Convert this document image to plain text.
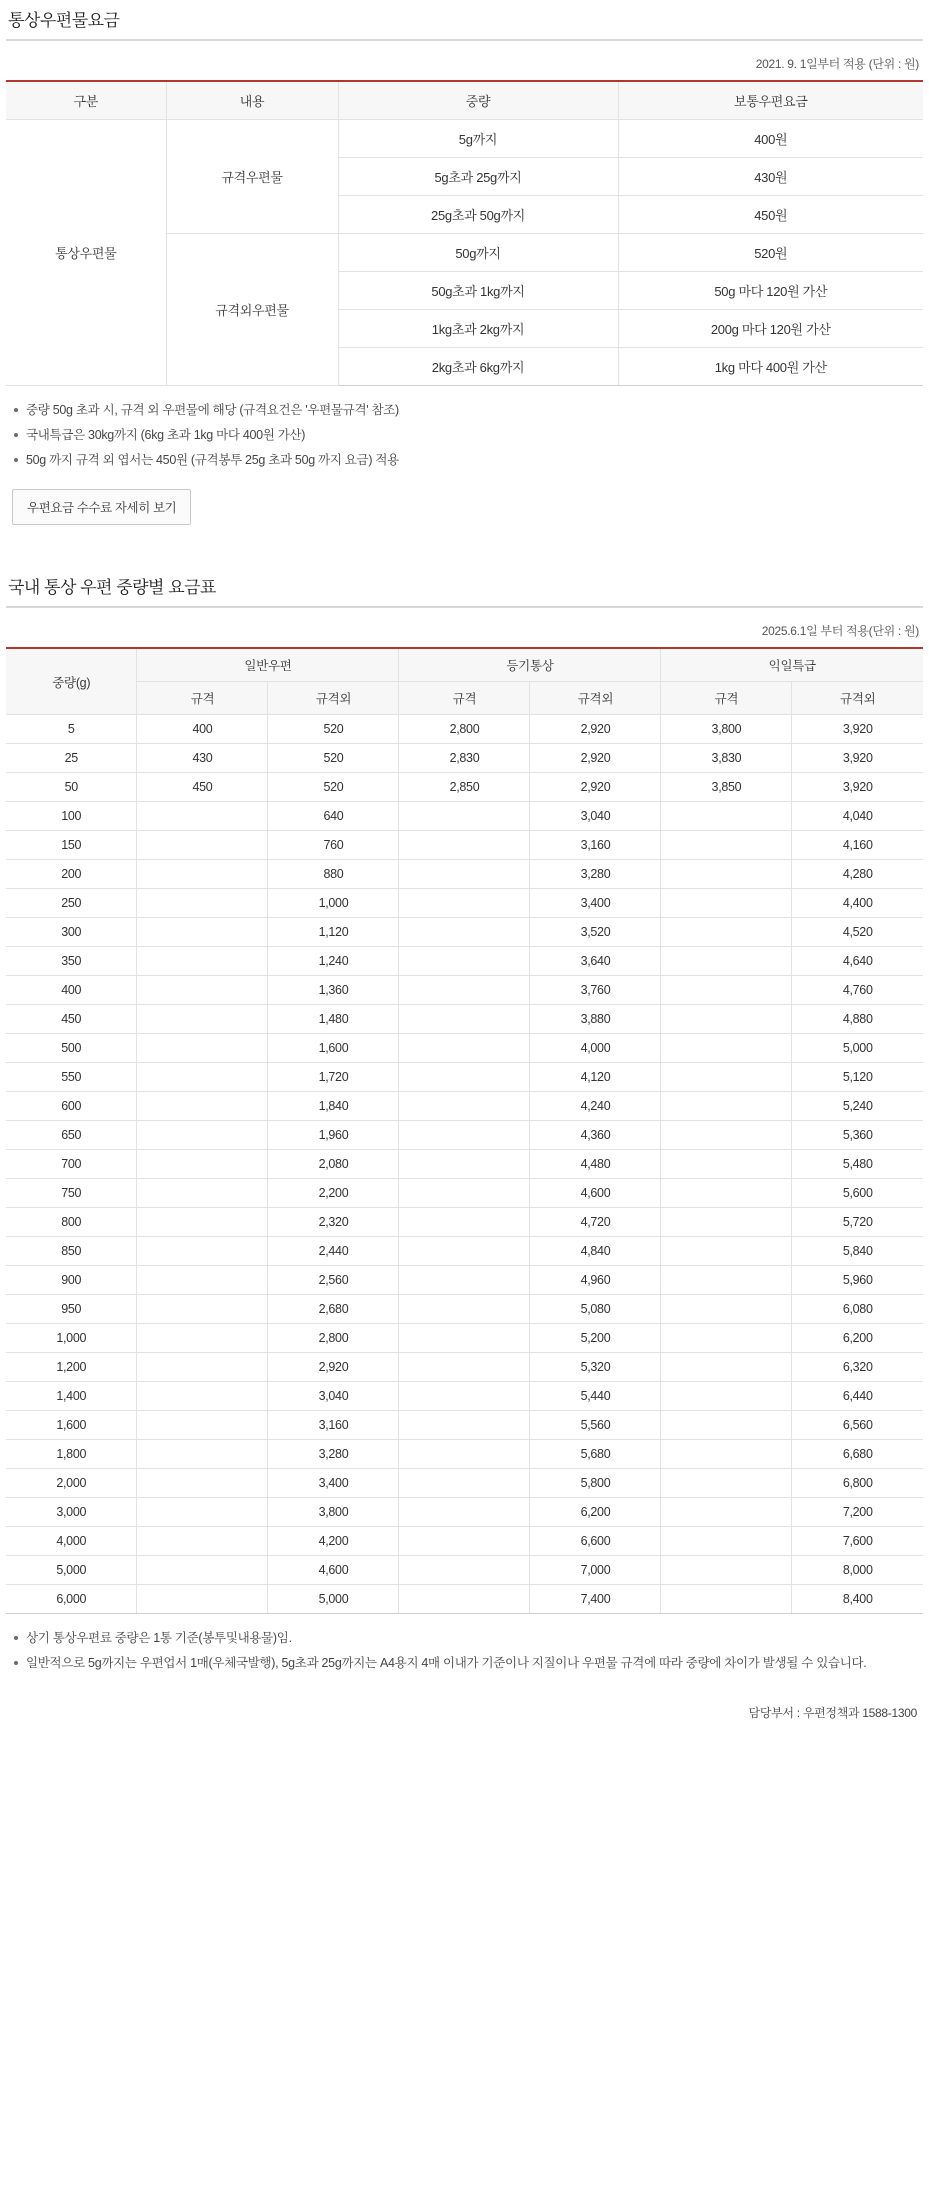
통상우편물요금
2021. 9. 1일부터 적용 (단위 : 원)
구분	내용	중량	보통우편요금
통상우편물	규격우편물	5g까지	400원
		5g초과 25g까지	430원
		25g초과 50g까지	450원
	규격외우편물	50g까지	520원
		50g초과 1kg까지	50g 마다 120원 가산
		1kg초과 2kg까지	200g 마다 120원 가산
		2kg초과 6kg까지	1kg 마다 400원 가산
중량 50g 초과 시, 규격 외 우편물에 해당 (규격요건은 '우편물규격' 참조)
국내특급은 30kg까지 (6kg 초과 1kg 마다 400원 가산)
50g 까지 규격 외 엽서는 450원 (규격봉투 25g 초과 50g 까지 요금) 적용
우편요금 수수료 자세히 보기
국내 통상 우편 중량별 요금표
2025.6.1일 부터 적용(단위 : 원)
중량(g)	일반우편		등기통상		익일특급	
	규격	규격외	규격	규격외	규격	규격외
5	400	520	2,800	2,920	3,800	3,920
25	430	520	2,830	2,920	3,830	3,920
50	450	520	2,850	2,920	3,850	3,920
100		640		3,040		4,040
150		760		3,160		4,160
200		880		3,280		4,280
250		1,000		3,400		4,400
300		1,120		3,520		4,520
350		1,240		3,640		4,640
400		1,360		3,760		4,760
450		1,480		3,880		4,880
500		1,600		4,000		5,000
550		1,720		4,120		5,120
600		1,840		4,240		5,240
650		1,960		4,360		5,360
700		2,080		4,480		5,480
750		2,200		4,600		5,600
800		2,320		4,720		5,720
850		2,440		4,840		5,840
900		2,560		4,960		5,960
950		2,680		5,080		6,080
1,000		2,800		5,200		6,200
1,200		2,920		5,320		6,320
1,400		3,040		5,440		6,440
1,600		3,160		5,560		6,560
1,800		3,280		5,680		6,680
2,000		3,400		5,800		6,800
3,000		3,800		6,200		7,200
4,000		4,200		6,600		7,600
5,000		4,600		7,000		8,000
6,000		5,000		7,400		8,400
상기 통상우편료 중량은 1통 기준(봉투및내용물)임.
일반적으로 5g까지는 우편업서 1매(우체국발행), 5g초과 25g까지는 A4용지 4매 이내가 기준이나 지질이나 우편물 규격에 따라 중량에 차이가 발생될 수 있습니다.
담당부서 : 우편정책과 1588-1300
